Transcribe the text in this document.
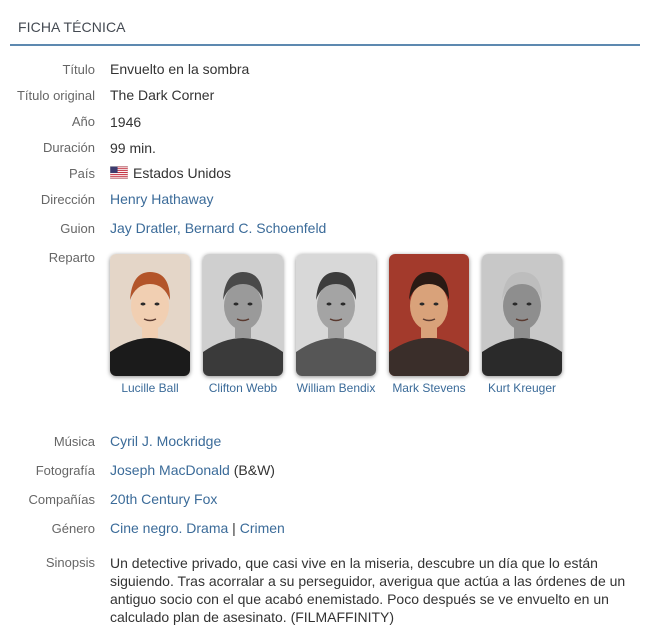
FICHA TÉCNICA
Título Envuelto en la sombra
Título original The Dark Corner
Año 1946
Duración 99 min.
País	Estados Unidos
Dirección Henry Hathaway
Guion Jay Dratler, Bernard C. Schoenfeld
Reparto
Lucille Ball	Clifton Webb	William Bendix	Mark Stevens	Kurt Kreuger
Música Cyril J. Mockridge
Fotografía Joseph MacDonald (B&W)
Compañías 20th Century Fox
Género Cine negro. Drama | Crimen
Sinopsis Un detective privado, que casi vive en la miseria, descubre un día que lo están siguiendo. Tras acorralar a su perseguidor, averigua que actúa a las órdenes de un antiguo socio con el que acabó enemistado. Poco después se ve envuelto en un calculado plan de asesinato. (FILMAFFINITY)
